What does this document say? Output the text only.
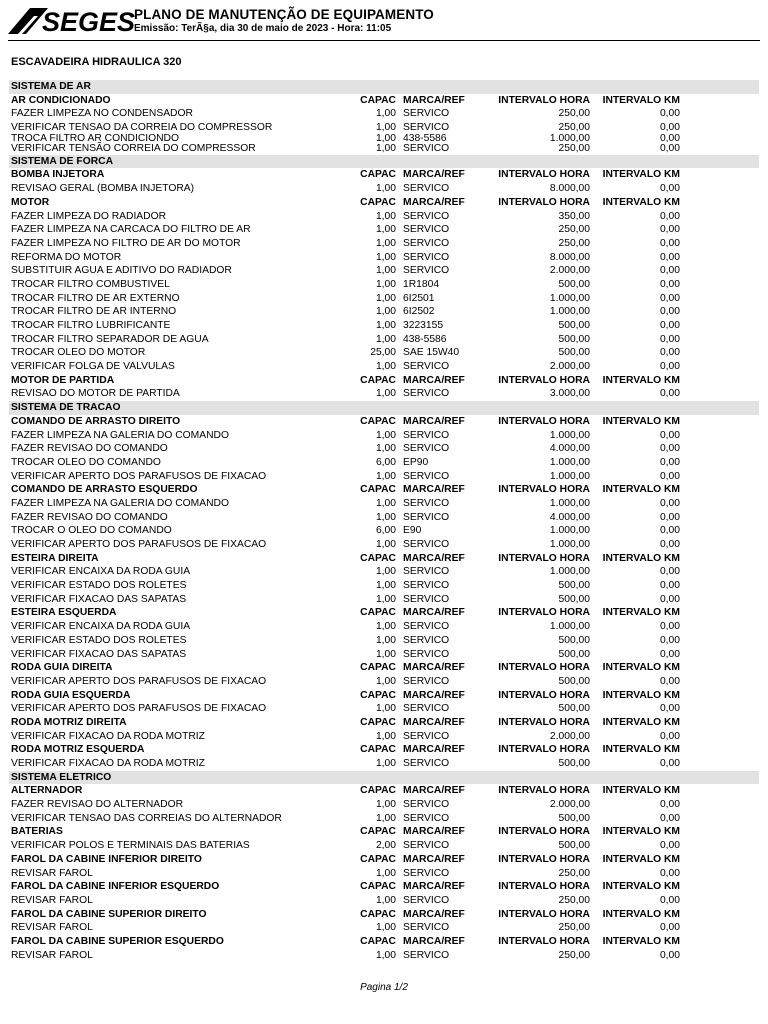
SEGES
PLANO DE MANUTENÇÃO DE EQUIPAMENTO
Emissão: TerÃ§a, dia 30 de maio de 2023 - Hora: 11:05
ESCAVADEIRA HIDRAULICA 320
SISTEMA DE AR
AR CONDICIONADO	CAPAC MARCA/REF	INTERVALO HORA INTERVALO KM
FAZER LIMPEZA NO CONDENSADOR	1,00 SERVICO	250,00	0,00
VERIFICAR TENSAO DA CORREIA DO COMPRESSOR	1,00 SERVICO	250,00	0,00
TROCA FILTRO AR CONDICIONDO	1,00 438-5586	1.000,00	0,00
VERIFICAR TENSÃO CORREIA DO COMPRESSOR	1,00 SERVICO	250,00	0,00
SISTEMA DE FORCA
BOMBA INJETORA	CAPAC MARCA/REF	INTERVALO HORA INTERVALO KM
REVISAO GERAL (BOMBA INJETORA)	1,00 SERVICO	8.000,00	0,00
MOTOR	CAPAC MARCA/REF	INTERVALO HORA INTERVALO KM
FAZER LIMPEZA DO RADIADOR	1,00 SERVICO	350,00	0,00
FAZER LIMPEZA NA CARCACA DO FILTRO DE AR	1,00 SERVICO	250,00	0,00
FAZER LIMPEZA NO FILTRO DE AR DO MOTOR	1,00 SERVICO	250,00	0,00
REFORMA DO MOTOR	1,00 SERVICO	8.000,00	0,00
SUBSTITUIR AGUA E ADITIVO DO RADIADOR	1,00 SERVICO	2.000,00	0,00
TROCAR FILTRO COMBUSTIVEL	1,00 1R1804	500,00	0,00
TROCAR FILTRO DE AR EXTERNO	1,00 6I2501	1.000,00	0,00
TROCAR FILTRO DE AR INTERNO	1,00 6I2502	1.000,00	0,00
TROCAR FILTRO LUBRIFICANTE	1,00 3223155	500,00	0,00
TROCAR FILTRO SEPARADOR DE AGUA	1,00 438-5586	500,00	0,00
TROCAR OLEO DO MOTOR	25,00 SAE 15W40	500,00	0,00
VERIFICAR FOLGA DE VALVULAS	1,00 SERVICO	2.000,00	0,00
MOTOR DE PARTIDA	CAPAC MARCA/REF	INTERVALO HORA INTERVALO KM
REVISAO DO MOTOR DE PARTIDA	1,00 SERVICO	3.000,00	0,00
SISTEMA DE TRACAO
COMANDO DE ARRASTO DIREITO	CAPAC MARCA/REF	INTERVALO HORA INTERVALO KM
FAZER LIMPEZA NA GALERIA DO COMANDO	1,00 SERVICO	1.000,00	0,00
FAZER REVISAO DO COMANDO	1,00 SERVICO	4.000,00	0,00
TROCAR OLEO DO COMANDO	6,00 EP90	1.000,00	0,00
VERIFICAR APERTO DOS PARAFUSOS DE FIXACAO	1,00 SERVICO	1.000,00	0,00
COMANDO DE ARRASTO ESQUERDO	CAPAC MARCA/REF	INTERVALO HORA INTERVALO KM
FAZER LIMPEZA NA GALERIA DO COMANDO	1,00 SERVICO	1.000,00	0,00
FAZER REVISAO DO COMANDO	1,00 SERVICO	4.000,00	0,00
TROCAR O OLEO DO COMANDO	6,00 E90	1.000,00	0,00
VERIFICAR APERTO DOS PARAFUSOS DE FIXACAO	1,00 SERVICO	1.000,00	0,00
ESTEIRA DIREITA	CAPAC MARCA/REF	INTERVALO HORA INTERVALO KM
VERIFICAR ENCAIXA DA RODA GUIA	1,00 SERVICO	1.000,00	0,00
VERIFICAR ESTADO DOS ROLETES	1,00 SERVICO	500,00	0,00
VERIFICAR FIXACAO DAS SAPATAS	1,00 SERVICO	500,00	0,00
ESTEIRA ESQUERDA	CAPAC MARCA/REF	INTERVALO HORA INTERVALO KM
VERIFICAR ENCAIXA DA RODA GUIA	1,00 SERVICO	1.000,00	0,00
VERIFICAR ESTADO DOS ROLETES	1,00 SERVICO	500,00	0,00
VERIFICAR FIXACAO DAS SAPATAS	1,00 SERVICO	500,00	0,00
RODA GUIA DIREITA	CAPAC MARCA/REF	INTERVALO HORA INTERVALO KM
VERIFICAR APERTO DOS PARAFUSOS DE FIXACAO	1,00 SERVICO	500,00	0,00
RODA GUIA ESQUERDA	CAPAC MARCA/REF	INTERVALO HORA INTERVALO KM
VERIFICAR APERTO DOS PARAFUSOS DE FIXACAO	1,00 SERVICO	500,00	0,00
RODA MOTRIZ DIREITA	CAPAC MARCA/REF	INTERVALO HORA INTERVALO KM
VERIFICAR FIXACAO DA RODA MOTRIZ	1,00 SERVICO	2.000,00	0,00
RODA MOTRIZ ESQUERDA	CAPAC MARCA/REF	INTERVALO HORA INTERVALO KM
VERIFICAR FIXACAO DA RODA MOTRIZ	1,00 SERVICO	500,00	0,00
SISTEMA ELETRICO
ALTERNADOR	CAPAC MARCA/REF	INTERVALO HORA INTERVALO KM
FAZER REVISAO DO ALTERNADOR	1,00 SERVICO	2.000,00	0,00
VERIFICAR TENSAO DAS CORREIAS DO ALTERNADOR	1,00 SERVICO	500,00	0,00
BATERIAS	CAPAC MARCA/REF	INTERVALO HORA INTERVALO KM
VERIFICAR POLOS E TERMINAIS DAS BATERIAS	2,00 SERVICO	500,00	0,00
FAROL DA CABINE INFERIOR DIREITO	CAPAC MARCA/REF	INTERVALO HORA INTERVALO KM
REVISAR FAROL	1,00 SERVICO	250,00	0,00
FAROL DA CABINE INFERIOR ESQUERDO	CAPAC MARCA/REF	INTERVALO HORA INTERVALO KM
REVISAR FAROL	1,00 SERVICO	250,00	0,00
FAROL DA CABINE SUPERIOR DIREITO	CAPAC MARCA/REF	INTERVALO HORA INTERVALO KM
REVISAR FAROL	1,00 SERVICO	250,00	0,00
FAROL DA CABINE SUPERIOR ESQUERDO	CAPAC MARCA/REF	INTERVALO HORA INTERVALO KM
REVISAR FAROL	1,00 SERVICO	250,00	0,00
Pagina 1/2
